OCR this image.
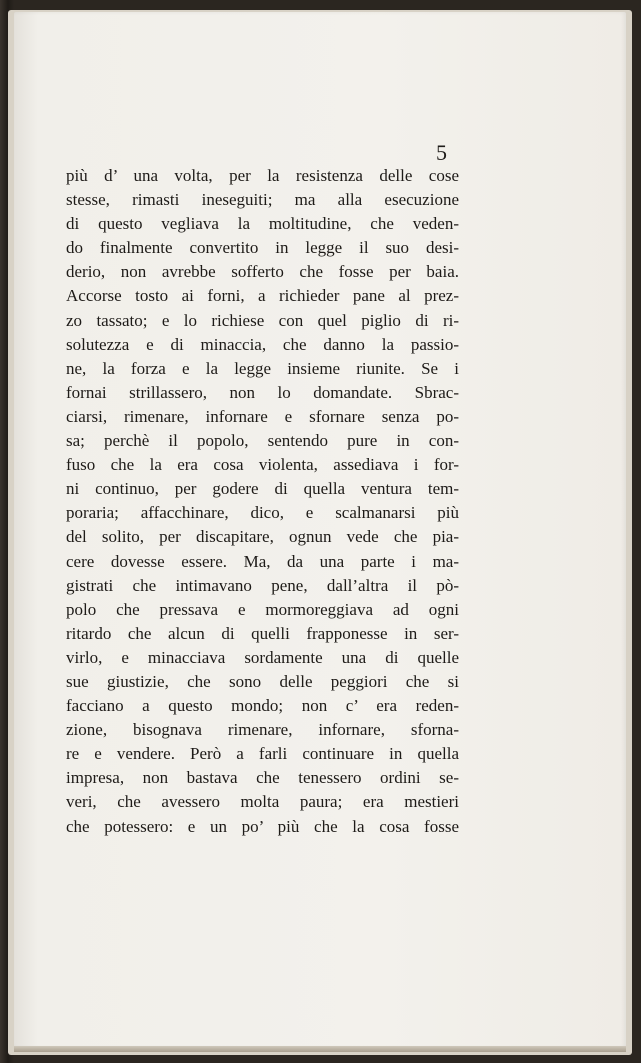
5
più d’ una volta, per la resistenza delle cose
stesse, rimasti ineseguiti; ma alla esecuzione
di questo vegliava la moltitudine, che veden-
do finalmente convertito in legge il suo desi-
derio, non avrebbe sofferto che fosse per baia.
Accorse tosto ai forni, a richieder pane al prez-
zo tassato; e lo richiese con quel piglio di ri-
solutezza e di minaccia, che danno la passio-
ne, la forza e la legge insieme riunite. Se i
fornai strillassero, non lo domandate. Sbrac-
ciarsi, rimenare, infornare e sfornare senza po-
sa; perchè il popolo, sentendo pure in con-
fuso che la era cosa violenta, assediava i for-
ni continuo, per godere di quella ventura tem-
poraria; affacchinare, dico, e scalmanarsi più
del solito, per discapitare, ognun vede che pia-
cere dovesse essere. Ma, da una parte i ma-
gistrati che intimavano pene, dall’altra il pò-
polo che pressava e mormoreggiava ad ogni
ritardo che alcun di quelli frapponesse in ser-
virlo, e minacciava sordamente una di quelle
sue giustizie, che sono delle peggiori che si
facciano a questo mondo; non c’ era reden-
zione, bisognava rimenare, infornare, sforna-
re e vendere. Però a farli continuare in quella
impresa, non bastava che tenessero ordini se-
veri, che avessero molta paura; era mestieri
che potessero: e un po’ più che la cosa fosse
